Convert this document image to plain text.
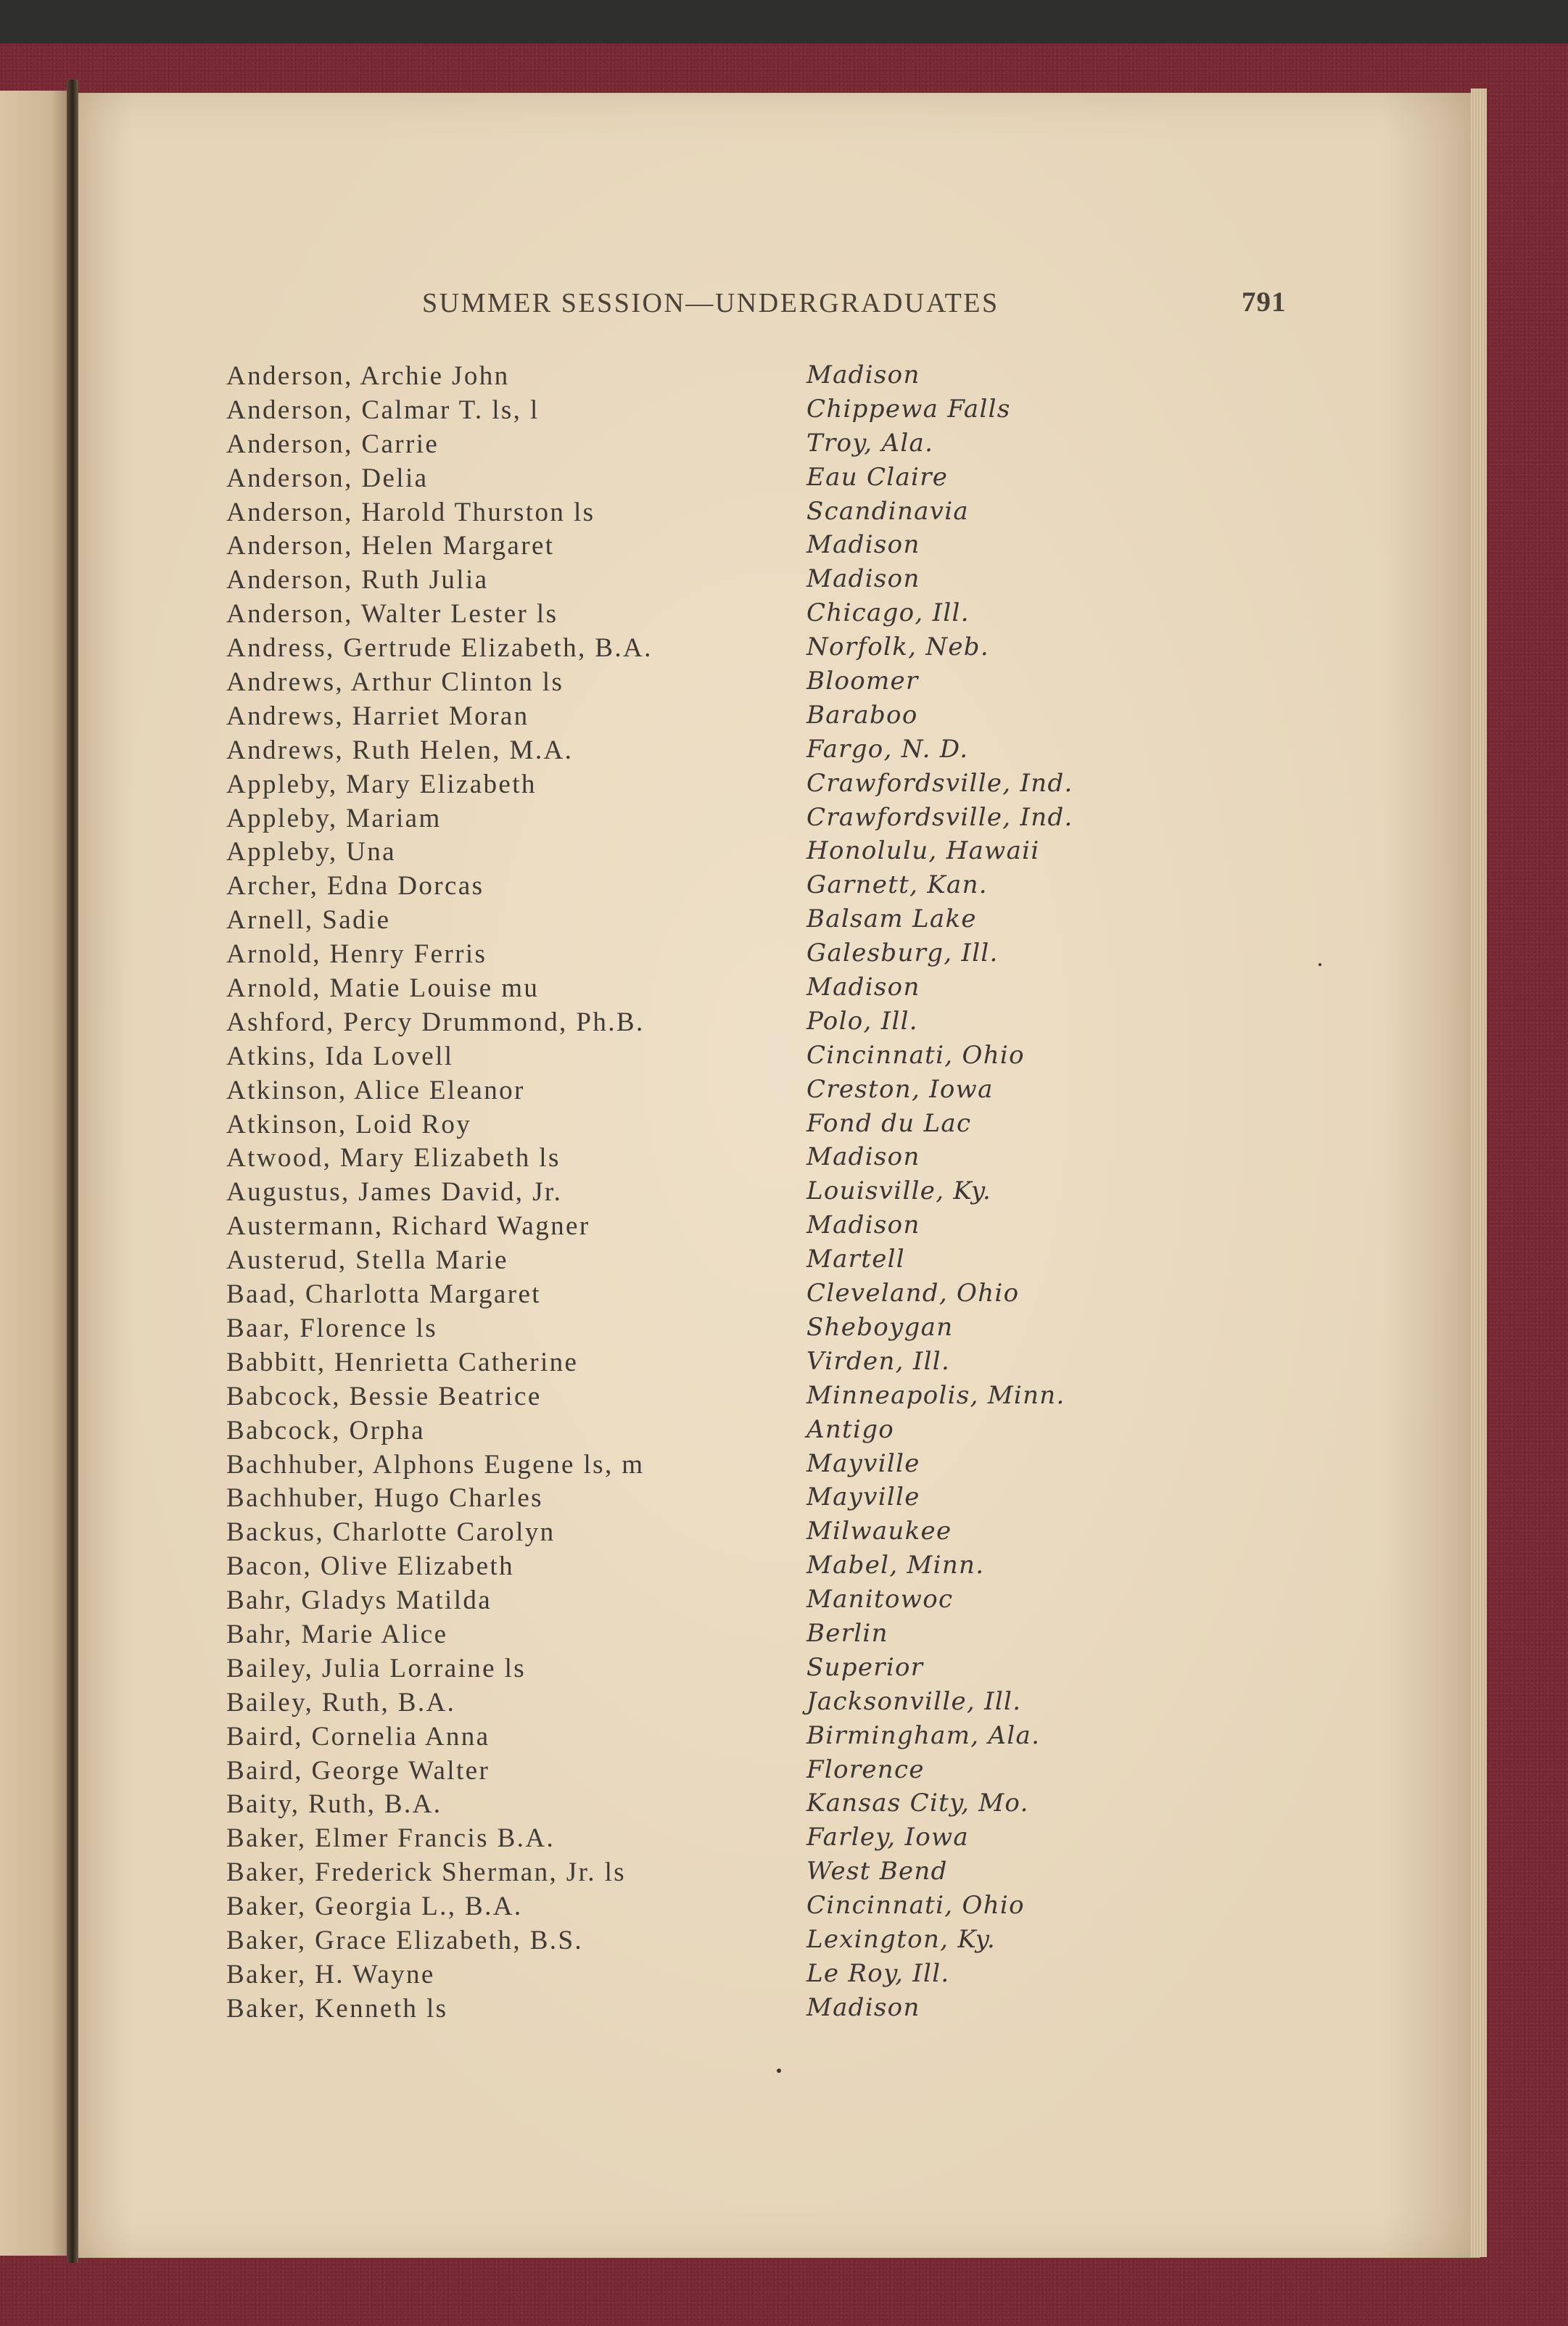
SUMMER SESSION—UNDERGRADUATES	791
Anderson, Archie John	Madison
Anderson, Calmar T. ls, l	Chippewa Falls
Anderson, Carrie	Troy, Ala.
Anderson, Delia	Eau Claire
Anderson, Harold Thurston ls	Scandinavia
Anderson, Helen Margaret	Madison
Anderson, Ruth Julia	Madison
Anderson, Walter Lester ls	Chicago, Ill.
Andress, Gertrude Elizabeth, B.A.	Norfolk, Neb.
Andrews, Arthur Clinton ls	Bloomer
Andrews, Harriet Moran	Baraboo
Andrews, Ruth Helen, M.A.	Fargo, N. D.
Appleby, Mary Elizabeth	Crawfordsville, Ind.
Appleby, Mariam	Crawfordsville, Ind.
Appleby, Una	Honolulu, Hawaii
Archer, Edna Dorcas	Garnett, Kan.
Arnell, Sadie	Balsam Lake
Arnold, Henry Ferris	Galesburg, Ill.
Arnold, Matie Louise mu	Madison
Ashford, Percy Drummond, Ph.B.	Polo, Ill.
Atkins, Ida Lovell	Cincinnati, Ohio
Atkinson, Alice Eleanor	Creston, Iowa
Atkinson, Loid Roy	Fond du Lac
Atwood, Mary Elizabeth ls	Madison
Augustus, James David, Jr.	Louisville, Ky.
Austermann, Richard Wagner	Madison
Austerud, Stella Marie	Martell
Baad, Charlotta Margaret	Cleveland, Ohio
Baar, Florence ls	Sheboygan
Babbitt, Henrietta Catherine	Virden, Ill.
Babcock, Bessie Beatrice	Minneapolis, Minn.
Babcock, Orpha	Antigo
Bachhuber, Alphons Eugene ls, m	Mayville
Bachhuber, Hugo Charles	Mayville
Backus, Charlotte Carolyn	Milwaukee
Bacon, Olive Elizabeth	Mabel, Minn.
Bahr, Gladys Matilda	Manitowoc
Bahr, Marie Alice	Berlin
Bailey, Julia Lorraine ls	Superior
Bailey, Ruth, B.A.	Jacksonville, Ill.
Baird, Cornelia Anna	Birmingham, Ala.
Baird, George Walter	Florence
Baity, Ruth, B.A.	Kansas City, Mo.
Baker, Elmer Francis B.A.	Farley, Iowa
Baker, Frederick Sherman, Jr. ls	West Bend
Baker, Georgia L., B.A.	Cincinnati, Ohio
Baker, Grace Elizabeth, B.S.	Lexington, Ky.
Baker, H. Wayne	Le Roy, Ill.
Baker, Kenneth ls	Madison
